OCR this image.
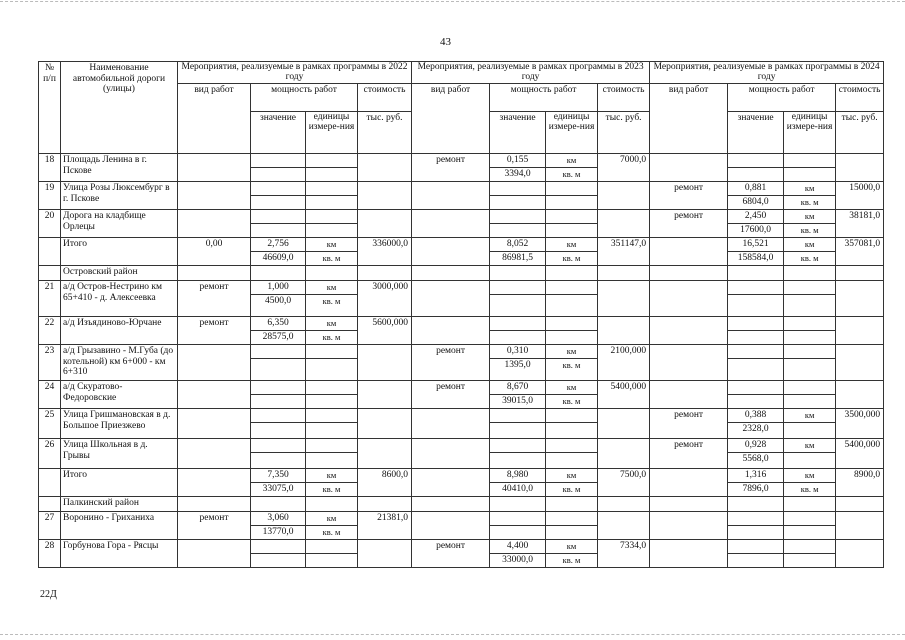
43
№ п/п	Наименование автомобильной дороги (улицы)	Мероприятия, реализуемые в рамках программы в 2022 году				Мероприятия, реализуемые в рамках программы в 2023 году				Мероприятия, реализуемые в рамках программы в 2024 году			
		вид работ	мощность работ		стоимость	вид работ	мощность работ		стоимость	вид работ	мощность работ		стоимость
			значение	единицы измере-ния	тыс. руб.		значение	единицы измере-ния	тыс. руб.		значение	единицы измере-ния	тыс. руб.
18	Площадь Ленина в г. Пскове					ремонт	0,155	км	7000,0				
							3394,0	кв. м					
19	Улица Розы Люксембург в г. Пскове									ремонт	0,881	км	15000,0
											6804,0	кв. м	
20	Дорога на кладбище Орлецы									ремонт	2,450	км	38181,0
											17600,0	кв. м	
	Итого	0,00	2,756	км	336000,0		8,052	км	351147,0		16,521	км	357081,0
			46609,0	кв. м			86981,5	кв. м			158584,0	кв. м	
	Островский район												
21	а/д Остров-Нестрино км 65+410 - д. Алексеевка	ремонт	1,000	км	3000,000								
			4500,0	кв. м									
22	а/д Изъядиново-Юрчане	ремонт	6,350	км	5600,000								
			28575,0	кв. м									
23	а/д Грызавино - М.Губа (до котельной) км 6+000 - км 6+310					ремонт	0,310	км	2100,000				
							1395,0	кв. м					
24	а/д Скуратово-Федоровские					ремонт	8,670	км	5400,000				
							39015,0	кв. м					
25	Улица Гришмановская в д. Большое Приезжево									ремонт	0,388	км	3500,000
											2328,0		
26	Улица Школьная в д. Грывы									ремонт	0,928	км	5400,000
											5568,0		
	Итого		7,350	км	8600,0		8,980	км	7500,0		1,316	км	8900,0
			33075,0	кв. м			40410,0	кв. м			7896,0	кв. м	
	Палкинский район												
27	Воронино - Гриханиха	ремонт	3,060	км	21381,0								
			13770,0	кв. м									
28	Горбунова Гора - Рясцы					ремонт	4,400	км	7334,0				
							33000,0	кв. м					
22Д
